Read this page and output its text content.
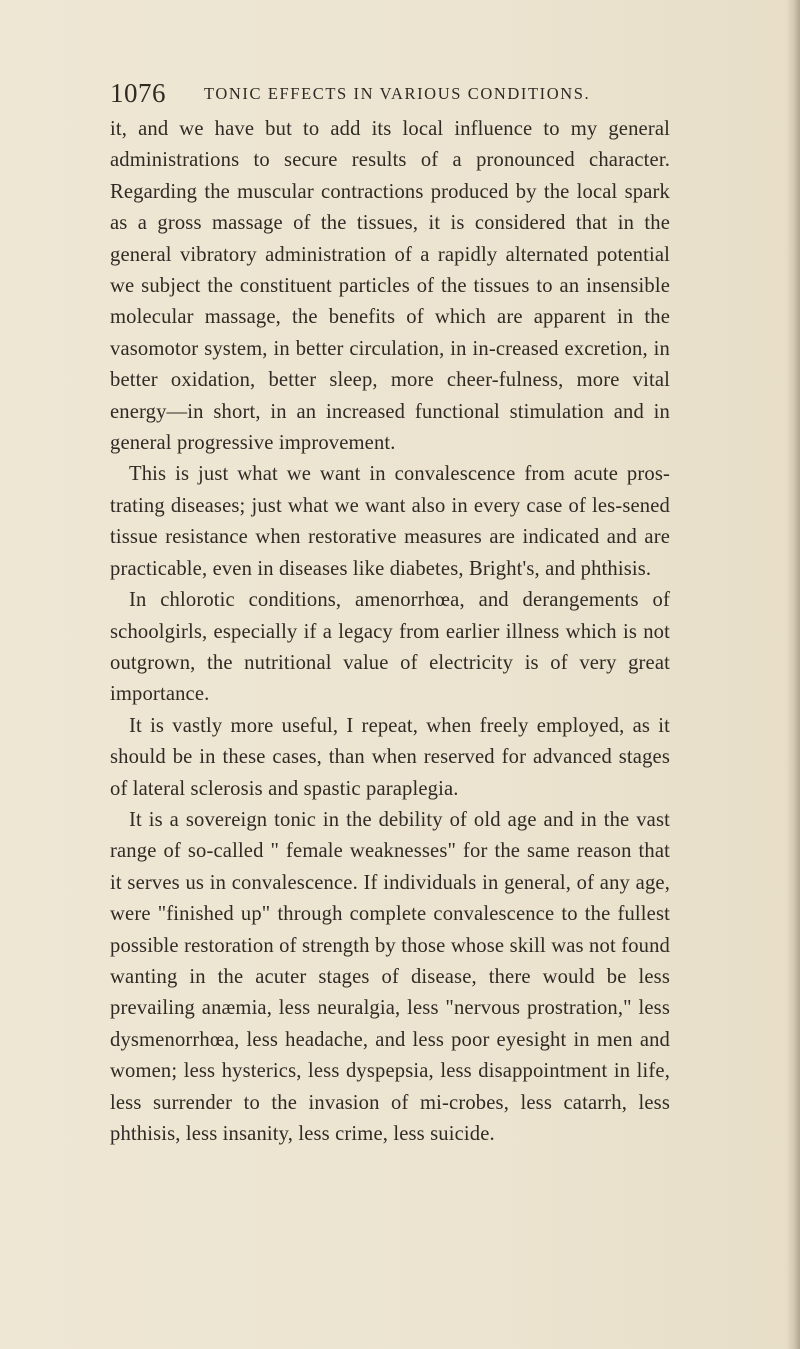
1076 TONIC EFFECTS IN VARIOUS CONDITIONS.

it, and we have but to add its local influence to my general administrations to secure results of a pronounced character. Regarding the muscular contractions produced by the local spark as a gross massage of the tissues, it is considered that in the general vibratory administration of a rapidly alternated potential we subject the constituent particles of the tissues to an insensible molecular massage, the benefits of which are apparent in the vasomotor system, in better circulation, in in-creased excretion, in better oxidation, better sleep, more cheer-fulness, more vital energy—in short, in an increased functional stimulation and in general progressive improvement.

This is just what we want in convalescence from acute pros-trating diseases; just what we want also in every case of les-sened tissue resistance when restorative measures are indicated and are practicable, even in diseases like diabetes, Bright's, and phthisis.

In chlorotic conditions, amenorrhœa, and derangements of schoolgirls, especially if a legacy from earlier illness which is not outgrown, the nutritional value of electricity is of very great importance.

It is vastly more useful, I repeat, when freely employed, as it should be in these cases, than when reserved for advanced stages of lateral sclerosis and spastic paraplegia.

It is a sovereign tonic in the debility of old age and in the vast range of so-called " female weaknesses" for the same reason that it serves us in convalescence. If individuals in general, of any age, were "finished up" through complete convalescence to the fullest possible restoration of strength by those whose skill was not found wanting in the acuter stages of disease, there would be less prevailing anæmia, less neuralgia, less "nervous prostration," less dysmenorrhœa, less headache, and less poor eyesight in men and women; less hysterics, less dyspepsia, less disappointment in life, less surrender to the invasion of mi-crobes, less catarrh, less phthisis, less insanity, less crime, less suicide.
